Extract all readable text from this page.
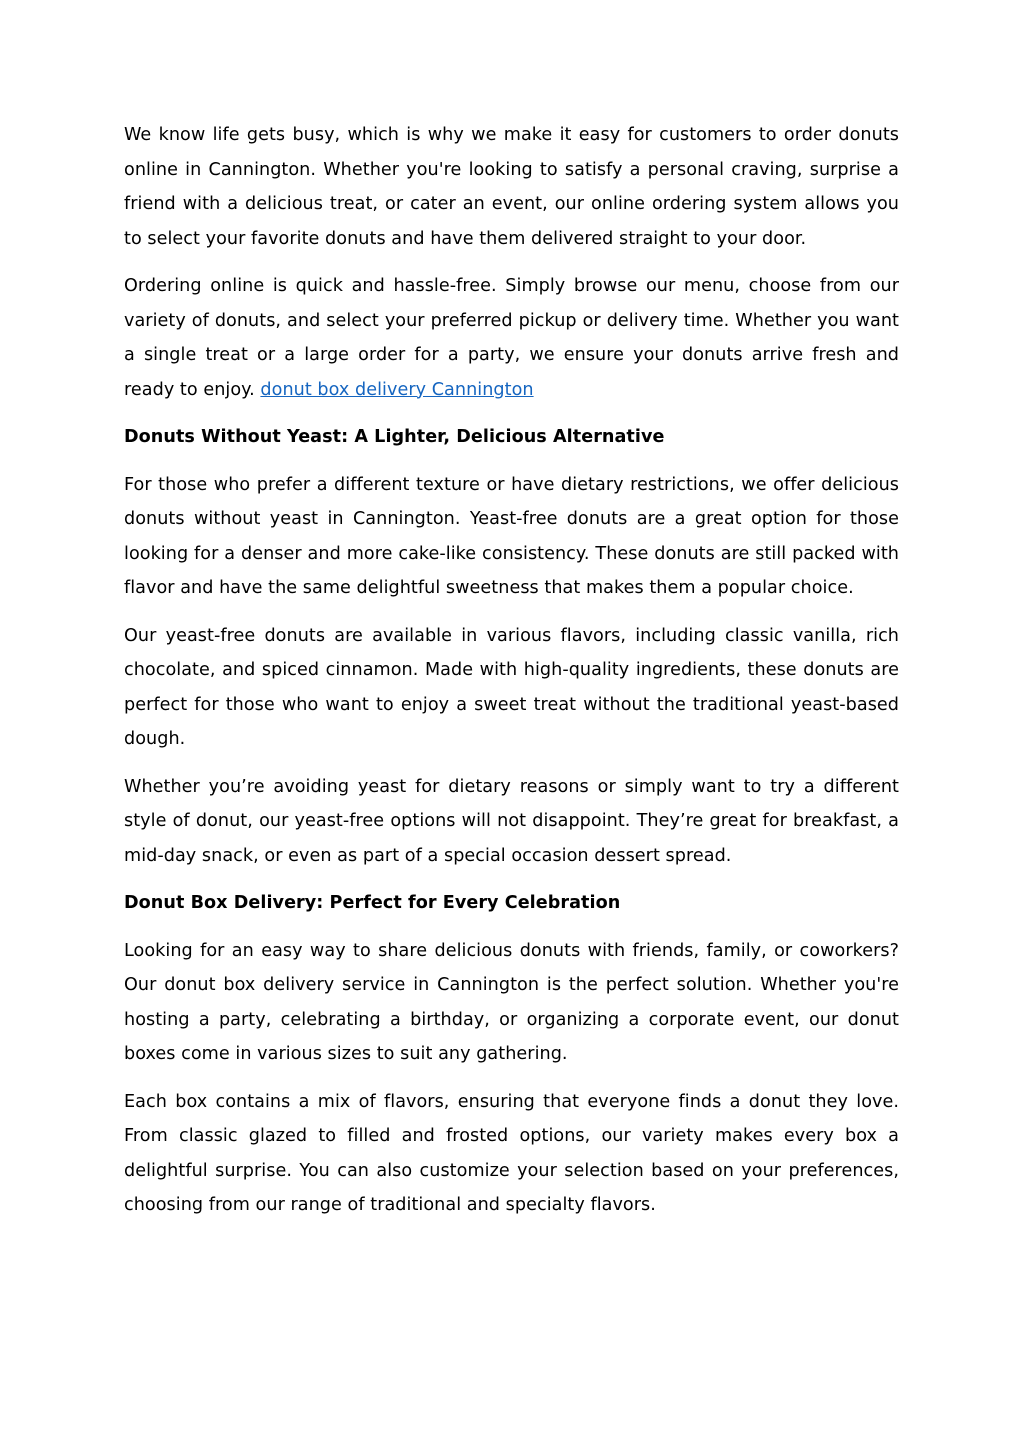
We know life gets busy, which is why we make it easy for customers to order donuts online in Cannington. Whether you're looking to satisfy a personal craving, surprise a friend with a delicious treat, or cater an event, our online ordering system allows you to select your favorite donuts and have them delivered straight to your door.

Ordering online is quick and hassle-free. Simply browse our menu, choose from our variety of donuts, and select your preferred pickup or delivery time. Whether you want a single treat or a large order for a party, we ensure your donuts arrive fresh and ready to enjoy. donut box delivery Cannington

Donuts Without Yeast: A Lighter, Delicious Alternative

For those who prefer a different texture or have dietary restrictions, we offer delicious donuts without yeast in Cannington. Yeast-free donuts are a great option for those looking for a denser and more cake-like consistency. These donuts are still packed with flavor and have the same delightful sweetness that makes them a popular choice.

Our yeast-free donuts are available in various flavors, including classic vanilla, rich chocolate, and spiced cinnamon. Made with high-quality ingredients, these donuts are perfect for those who want to enjoy a sweet treat without the traditional yeast-based dough.

Whether you’re avoiding yeast for dietary reasons or simply want to try a different style of donut, our yeast-free options will not disappoint. They’re great for breakfast, a mid-day snack, or even as part of a special occasion dessert spread.

Donut Box Delivery: Perfect for Every Celebration

Looking for an easy way to share delicious donuts with friends, family, or coworkers? Our donut box delivery service in Cannington is the perfect solution. Whether you're hosting a party, celebrating a birthday, or organizing a corporate event, our donut boxes come in various sizes to suit any gathering.

Each box contains a mix of flavors, ensuring that everyone finds a donut they love. From classic glazed to filled and frosted options, our variety makes every box a delightful surprise. You can also customize your selection based on your preferences, choosing from our range of traditional and specialty flavors.
